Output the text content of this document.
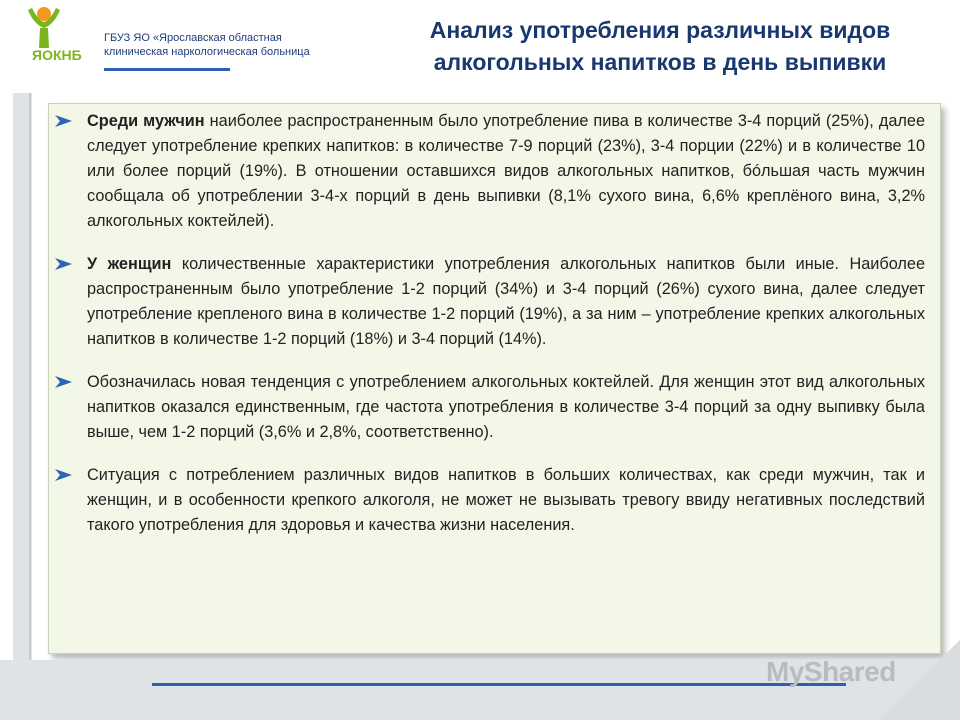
ЯОКНБ
ГБУЗ ЯО «Ярославская областная
клиническая наркологическая больница
Анализ употребления различных видов
алкогольных напитков в день выпивки
Среди мужчин наиболее распространенным было употребление пива в количестве 3-4 порций (25%), далее следует употребление крепких напитков: в количестве 7-9 порций (23%), 3-4 порции (22%) и в количестве 10 или более порций (19%). В отношении оставшихся видов алкогольных напитков, бóльшая часть мужчин сообщала об употреблении 3-4-х порций в день выпивки (8,1% сухого вина, 6,6% креплёного вина, 3,2% алкогольных коктейлей).
У женщин количественные характеристики употребления алкогольных напитков были иные. Наиболее распространенным было употребление 1-2 порций (34%) и 3-4 порций (26%) сухого вина, далее следует употребление крепленого вина в количестве 1-2 порций (19%), а за ним – употребление крепких алкогольных напитков в количестве 1-2 порций (18%) и 3-4 порций (14%).
Обозначилась новая тенденция с употреблением алкогольных коктейлей. Для женщин этот вид алкогольных напитков оказался единственным, где частота употребления в количестве 3-4 порций за одну выпивку была выше, чем 1-2 порций (3,6% и 2,8%, соответственно).
Ситуация с потреблением различных видов напитков в больших количествах, как среди мужчин, так и женщин, и в особенности крепкого алкоголя, не может не вызывать тревогу ввиду негативных последствий такого употребления для здоровья и качества жизни населения.
MyShared
